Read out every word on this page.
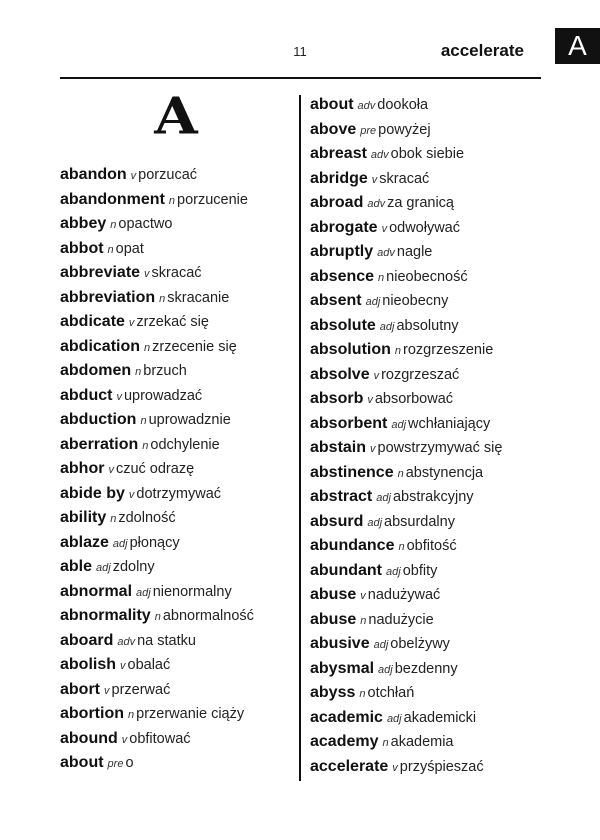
11	accelerate	A
A
abandon v porzucać
abandonment n porzucenie
abbey n opactwo
abbot n opat
abbreviate v skracać
abbreviation n skracanie
abdicate v zrzekać się
abdication n zrzecenie się
abdomen n brzuch
abduct v uprowadzać
abduction n uprowadznie
aberration n odchylenie
abhor v czuć odrazę
abide by v dotrzymywać
ability n zdolność
ablaze adj płonący
able adj zdolny
abnormal adj nienormalny
abnormality n abnormalność
aboard adv na statku
abolish v obalać
abort v przerwać
abortion n przerwanie ciąży
abound v obfitować
about pre o
about adv dookoła
above pre powyżej
abreast adv obok siebie
abridge v skracać
abroad adv za granicą
abrogate v odwoływać
abruptly adv nagle
absence n nieobecność
absent adj nieobecny
absolute adj absolutny
absolution n rozgrzeszenie
absolve v rozgrzeszać
absorb v absorbować
absorbent adj wchłaniający
abstain v powstrzymywać się
abstinence n abstynencja
abstract adj abstrakcyjny
absurd adj absurdalny
abundance n obfitość
abundant adj obfity
abuse v nadużywać
abuse n nadużycie
abusive adj obelżywy
abysmal adj bezdenny
abyss n otchłań
academic adj akademicki
academy n akademia
accelerate v przyśpieszać
